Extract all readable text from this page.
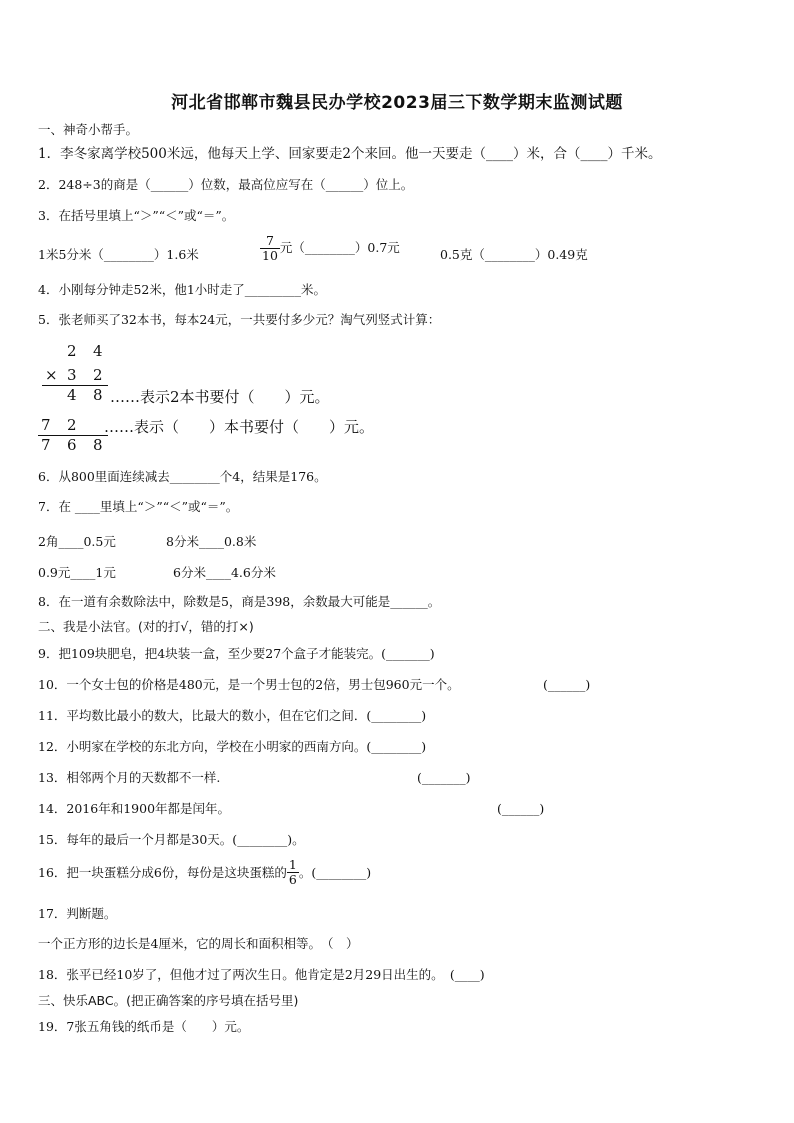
河北省邯郸市魏县民办学校2023届三下数学期末监测试题
一、神奇小帮手。
1．李冬家离学校500米远，他每天上学、回家要走2个来回。他一天要走（____）米，合（____）千米。
2．248÷3的商是（______）位数，最高位应写在（______）位上。
3．在括号里填上“＞”“＜”或“＝”。
1米5分米（________）1.6米	$\frac{7}{10}$ 元（________）0.7元	0.5克（________）0.49克
4．小刚每分钟走52米，他1小时走了_________米。
5．张老师买了32本书，每本24元，一共要付多少元？淘气列竖式计算：
2 4
× 3 2
4 8 ……表示2本书要付（　　）元。
7 2 ……表示（　　）本书要付（　　）元。
7 6 8
6．从800里面连续减去________个4，结果是176。
7．在 ____里填上“＞”“＜”或“＝”。
2角____0.5元	8分米____0.8米
0.9元____1元	6分米____4.6分米
8．在一道有余数除法中，除数是5，商是398，余数最大可能是______。
二、我是小法官。(对的打√，错的打×)
9．把109块肥皂，把4块装一盒，至少要27个盒子才能装完。(_______)
10．一个女士包的价格是480元，是一个男士包的2倍，男士包960元一个。	(______)
11．平均数比最小的数大，比最大的数小，但在它们之间．(________)
12．小明家在学校的东北方向，学校在小明家的西南方向。(________)
13．相邻两个月的天数都不一样.	(_______)
14．2016年和1900年都是闰年。	(______)
15．每年的最后一个月都是30天。(________)。
16．把一块蛋糕分成6份，每份是这块蛋糕的 $\frac{1}{6}$ 。(________)
17．判断题。
一个正方形的边长是4厘米，它的周长和面积相等。　（　）
18．张平已经10岁了，但他才过了两次生日。他肯定是2月29日出生的。　(____)
三、快乐ABC。(把正确答案的序号填在括号里)
19．7张五角钱的纸币是（　　）元。
